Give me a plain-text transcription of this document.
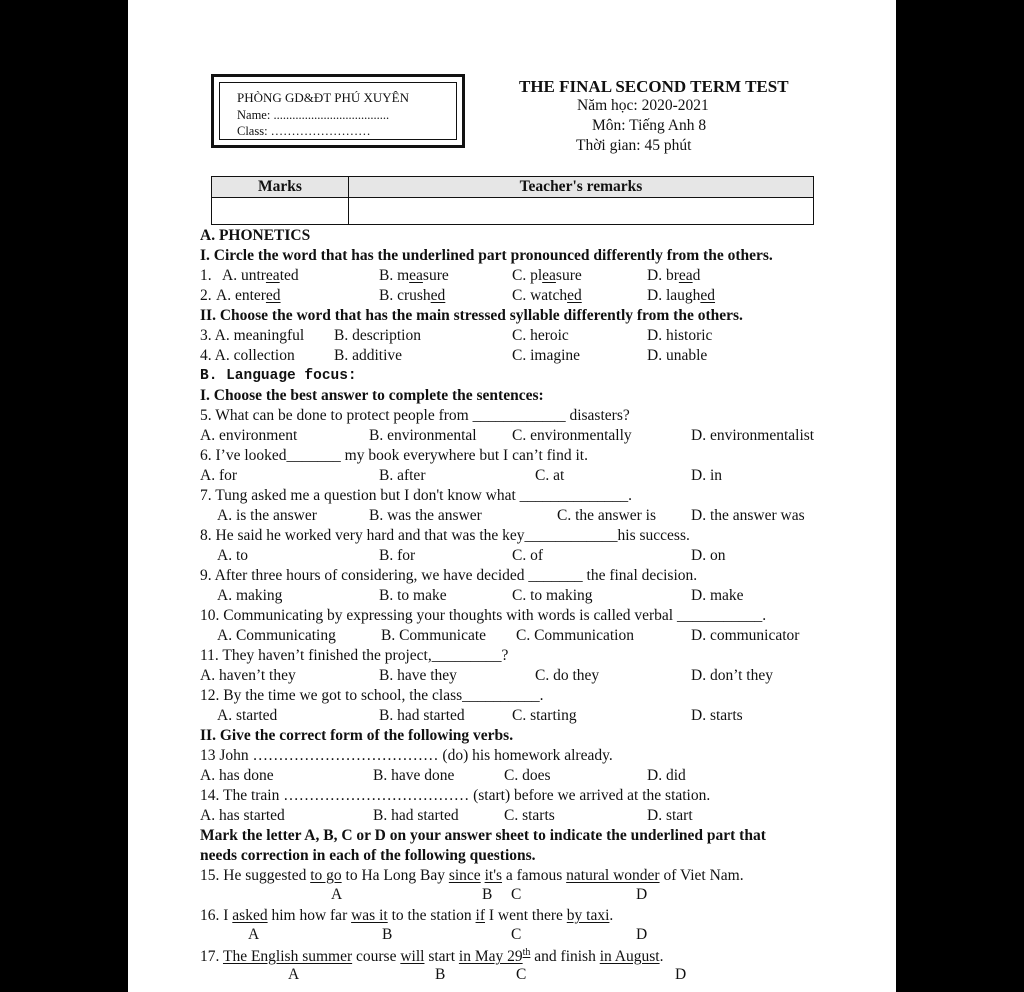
PHÒNG GD&ĐT PHÚ XUYÊN
Name: .....................................
Class: ……………………
THE FINAL SECOND TERM TEST
Năm học: 2020-2021
Môn: Tiếng Anh 8
Thời gian: 45 phút
Marks	Teacher's remarks

A. PHONETICS
I. Circle the word that has the underlined part pronounced differently from the others.
1. A. untreated	B. measure	C. pleasure	D. bread
2. A. entered	B. crushed	C. watched	D. laughed
II. Choose the word that has the main stressed syllable differently from the others.
3. A. meaningful B. description	C. heroic	D. historic
4. A. collection	B. additive	C. imagine	D. unable
B. Language focus:
I. Choose the best answer to complete the sentences:
5. What can be done to protect people from ____________ disasters?
A. environment	B. environmental C. environmentally	D. environmentalist
6. I’ve looked_______ my book everywhere but I can’t find it.
A. for	B. after	C. at	D. in
7. Tung asked me a question but I don't know what ______________.
A. is the answer	B. was the answer	C. the answer is D. the answer was
8. He said he worked very hard and that was the key____________his success.
A. to	B. for	C. of	D. on
9. After three hours of considering, we have decided _______ the final decision.
A. making	B. to make	C. to making	D. make
10. Communicating by expressing your thoughts with words is called verbal ___________.
A. Communicating	B. Communicate C. Communication	D. communicator
11. They haven’t finished the project,_________?
A. haven’t they	B. have they	C. do they	D. don’t they
12. By the time we got to school, the class__________.
A. started	B. had started	C. starting	D. starts
II. Give the correct form of the following verbs.
13 John ……………………………… (do) his homework already.
A. has done	B. have done	C. does	D. did
14. The train ……………………………… (start) before we arrived at the station.
A. has started	B. had started	C. starts	D. start
Mark the letter A, B, C or D on your answer sheet to indicate the underlined part that
needs correction in each of the following questions.
15. He suggested to go to Ha Long Bay since it's a famous natural wonder of Viet Nam.
A	B C	D
16. I asked him how far was it to the station if I went there by taxi.
A	B	C	D
17. The English summer course will start in May 29th and finish in August.
A	B	C	D
